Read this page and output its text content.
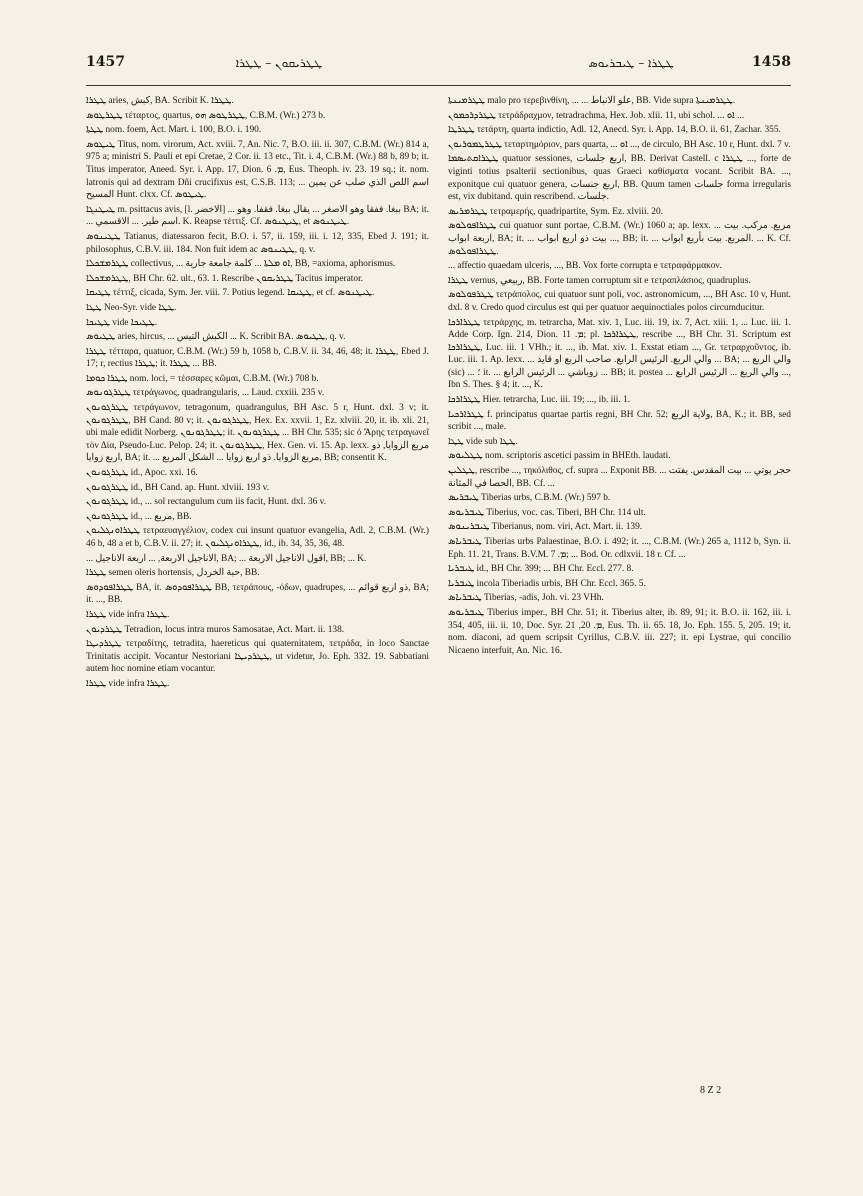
1457	ܛܛܪܝܩܘܢ – ܛܛܪܐ	ܛܛܪܐ – ܛܝܒܪܝܘܣ	1458

ܛܛܪܐ aries, كبش, BA. Scribit K. ܛܛܪܐ.

ܛܛܪܛܘܣ τέταρτος, quartus, ܛܛܪܛܘܣ ܗܘ, C.B.M. (Wr.) 273 b.

ܛܛܬܐ nom. foem, Act. Mart. i. 100, B.O. i. 190.

ܛܝܛܘܣ Titus, nom. virorum, Act. xviii. 7, An. Nic. 7, B.O. iii. ii. 307, C.B.M. (Wr.) 814 a, 975 a; ministri S. Pauli et epi Cretae, 2 Cor. ii. 13 etc., Tit. i. 4, C.B.M. (Wr.) 88 b, 89 b; it. Titus imperator, Aneed. Syr. i. App. 17, Dion. ܡ. 6, Eus. Theoph. iv. 23. 19 sq.; it. nom. latronis qui ad dextram Dñi crucifixus est, C.S.B. 113; ... اسم اللص الذي صلب عن يمين المسيح Hunt. clxx. Cf. ܛܝܛܘܣ.

ܛܝܛܢܓܐ m. psittacus avis, [l. الاخضر] ... ببغا. ففقا وهو الاصغر ... يقال ببغا. فقفا. وهو BA; it. ... اسم طير. ... الاقسمي. K. Reapse τέττιξ. Cf. ܛܝܛܢܘܣ, et ܛܝܛܢܘܣ.

ܛܛܝܢܘܣ Tatianus, diatessaron fecit, B.O. i. 57, ii. 159, iii. i. 12, 335, Ebed J. 191; it. philosophus, C.B.V. iii. 184. Non fuit idem ac ܛܛܝܢܘܣ, q. v.

ܛܛܪܡܫܟܠܐ collectivus, ... ܐܘ ܡܠܬܐ ... كلمة جامعة جارية, BB, =axioma, aphorismus.

ܛܛܪܡܫܟܠܐ, BH Chr. 62. ult., 63. 1. Rescribe ܛܛܪܝܩܘܢ Tacitus imperator.

ܛܛܝܩܐ τέττιξ, cicada, Sym. Jer. viii. 7. Potius legend. ܛܛܝܩܐ, et cf. ܛܝܛܢܘܣ.

ܛܛܐ Neo-Syr. vide ܛܛܐ.

ܛܛܝܟܐ vide ܛܛܝܟܐ.

ܛܛܝܘܣ aries, hircus, ... الكبش التيس ... K. Scribit BA. ܛܛܝܘܣ, q. v.

ܛܛܪܐ τέτταρα, quatuor, C.B.M. (Wr.) 59 b, 1058 b, C.B.V. ii. 34, 46, 48; it. ܛܛܪܐ, Ebed J. 17; r, rectius ܛܛܪܐ; it. ܛܛܪܐ ... BB.

ܛܛܪܐ ܟܘܡܐ nom. loci, = τέσσαρες κῶμαι, C.B.M. (Wr.) 708 b.

ܛܛܪܓܘܢܘܣ τετράγωνος, quadrangularis, ... Laud. cxxiii. 235 v.

ܛܛܪܓܘܢܘܢ τετράγωνον, tetragonum, quadrangulus, BH Asc. 5 r, Hunt. dxl. 3 v; it. ܛܛܪܓܘܢܘܢ, BH Cand. 80 v; it. ܛܛܪܓܘܢܘܢ, Hex. Ex. xxvii. 1, Ez. xlviii. 20, it. ib. xli. 21, ubi male edidit Norberg. ܛܛܪܓܘܢܘܢ; it. ܛܛܪܓܘܢܘܢ ... BH Chr. 535; sic ὁ Ἄρης τετραγωνεῖ τὸν Δία, Pseudo-Luc. Pelop. 24; it. ܛܛܪܓܘܢܘܢ, Hex. Gen. vi. 15. Ap. lexx. مربع الزوايا, ذو اربع زوايا, BA; it. ... مربع الزوايا. ذو اربع زوايا ... الشكل المربع, BB; consentit K.

ܛܛܪܓܘܢܘܢ id., Apoc. xxi. 16.

ܛܛܪܓܘܢܘܢ id., BH Cand. ap. Hunt. xlviii. 193 v.

ܛܛܪܓܘܢܘܢ id., ... sol rectangulum cum iis facit, Hunt. dxl. 36 v.

ܛܛܪܓܘܢܘܢ id., ... مربع, BB.

ܛܛܪܐܘܢܓܠܝܘܢ τετραευαγγέλιον, codex cui insunt quatuor evangelia, Adl. 2, C.B.M. (Wr.) 46 b, 48 a et b, C.B.V. ii. 27; it. ܛܛܪܐܘܢܓܠܝܘܢ, id., ib. 34, 35, 36, 48.

... الاناجيل الاربعة, ... اربعة الاناجيل, BA; ... اقول الاناجيل الاربعة, BB; ... K.

ܛܛܪܐ semen oleris hortensis, حبة الخردل, BB.

ܛܛܪܐܦܘܕܘܣ BA, it. ܛܛܪܐܦܘܕܘܣ BB, τετράπους, -όδων, quadrupes, ... ذو اربع قوائم, BA; it. ..., BB.

ܛܛܪܐ vide infra ܛܛܪܐ.

ܛܛܪܕܝܘܢ Tetradion, locus intra muros Samosatae, Act. Mart. ii. 138.

ܛܛܪܕܝܛܐ τετραδίτης, tetradita, haereticus qui quaternitatem, τετράδα, in loco Sanctae Trinitatis accipit. Vocantur Nestoriani ܛܛܪܕܝܛܐ, ut videtur, Jo. Eph. 332. 19. Sabbatiani autem hoc nomine etiam vocantur.

ܛܛܪܐ vide infra ܛܛܪܐ.

ܛܛܪܡܝܢܬܐ malo pro τερεβινθίνη, ... ... علو الانباط, BB. Vide supra ܛܛܪܡܝܢܬܐ.

ܛܛܪܕܪܟܡܘܢ τετράδραχμον, tetradrachma, Hex. Job. xlii. 11, ubi schol. ... ܐܘ ...

ܛܛܪܛܐ τετάρτη, quarta indictio, Adl. 12, Anecd. Syr. i. App. 14, B.O. ii. 61, Zachar. 355.

ܛܛܪܛܡܘܪܝܘܢ τεταρτημόριον, pars quarta, ... ܐܘ ..., de circulo, BH Asc. 10 r, Hunt. dxl. 7 v.

ܛܛܪܐܩܬܝܣܡܐ quatuor sessiones, اربع جلسات, BB. Derivat Castell. c ܛܛܪܐ ..., forte de viginti totius psalterii sectionibus, quas Graeci καθίσματα vocant. Scribit BA. ..., exponitque cui quatuor genera, اربع جنسات, BB. Quum tamen جلسات forma irregularis est, vix dubitand. quin rescribend. جلسات.

ܛܛܪܡܪܝܣ τετραμερής, quadripartite, Sym. Ez. xlviii. 20.

ܛܛܪܐܦܘܠܘܣ cui quatuor sunt portae, C.B.M. (Wr.) 1060 a; ap. lexx. ... مربع. مركب. بيت اربعة ابواب, BA; it. ... بيت ذو اربع ابواب ..., BB; it. ... المربع. بيت بأربع ابواب. ... K. Cf. ܛܛܪܐܦܘܠܘܣ.

... affectio quaedam ulceris, ..., BB. Vox forte corrupta e τετραφάρμακον.

ܛܛܪܐ vernus, ربيعي, BB. Forte tamen corruptum sit e τετραπλάσιος, quadruplus.

ܛܛܪܦܘܠܘܣ τετράπολος, cui quatuor sunt poli, voc. astronomicum, ..., BH Asc. 10 v, Hunt. dxl. 8 v. Credo quod circulus est qui per quatuor aequinoctiales polos circumducitur.

ܛܛܪܐܪܟܐ τετράρχης, m. tetrarcha, Mat. xiv. 1, Luc. iii. 19, ix. 7, Act. xiii. 1, ... Luc. iii. 1. Adde Corp. Ign. 214, Dion. ܡ. 11; pl. ܛܛܪܐܪܟܐ, rescribe ..., BH Chr. 31. Scriptum est ܛܛܪܐܪܟܐ, Luc. iii. 1 VHh.; it. ..., ib. Mat. xiv. 1. Exstat etiam ..., Gr. τετραρχοῦντος, ib. Luc. iii. 1. Ap. lexx. ... والي الربع. الرئيس الرابع. صاحب الربع او قايد ... BA; ... والي الربع (sic) ... ؛ it. ... زوباشي ... الرئيس الرابع ... BB; it. postea ... والي الربع ... الرئيس الرابع ..., Ibn S. Thes. § 4; it. ..., K.

ܛܛܪܐܪܟܐ Hier. tetrarcha, Luc. iii. 19; ..., ib. iii. 1.

ܛܛܪܐܪܟܝܐ f. principatus quartae partis regni, BH Chr. 52; ولاية الربع, BA, K.; it. BB, sed scribit ..., male.

ܛܛܐ vide sub ܛܛܐ.

ܛܛܠܝܘܣ nom. scriptoris ascetici passim in BHEth. laudati.

ܛܛܠܝܢ, rescribe ..., τηκόλιθος, cf. supra ... Exponit BB. ... حجر يوتي ... بيت المقدس. يفتت الحصا في المثانة, BB. Cf. ...

ܛܝܒܪܝܣ Tiberias urbs, C.B.M. (Wr.) 597 b.

ܛܝܒܪܝܘܣ Tiberius, voc. cas. Tiberi, BH Chr. 114 ult.

ܛܝܒܪܝܢܘܣ Tiberianus, nom. viri, Act. Mart. ii. 139.

ܛܝܒܪܝܐܣ Tiberias urbs Palaestinae, B.O. i. 492; it. ..., C.B.M. (Wr.) 265 a, 1112 b, Syn. ii. Eph. 11. 21, Trans. B.V.M. ܡ. 7; ... Bod. Or. cdlxvii. 18 r. Cf. ...

ܛܝܒܪܝܐ id., BH Chr. 399; ... BH Chr. Eccl. 277. 8.

ܛܝܒܪܝܐ incola Tiberiadis urbis, BH Chr. Eccl. 365. 5.

ܛܝܒܪܝܐܣ Tiberias, -adis, Joh. vi. 23 VHh.

ܛܝܒܪܝܘܣ Tiberius imper., BH Chr. 51; it. Tiberius alter, ib. 89, 91; it. B.O. ii. 162, iii. i. 354, 405, iii. ii. 10, Doc. Syr. ܡ. 20, 21, Eus. Th. ii. 65. 18, Jo. Eph. 155. 5, 205. 19; it. nom. diaconi, ad quem scripsit Cyrillus, C.B.V. iii. 227; it. epi Lystrae, qui concilio Nicaeno interfuit, An. Nic. 16.

8 Z 2
